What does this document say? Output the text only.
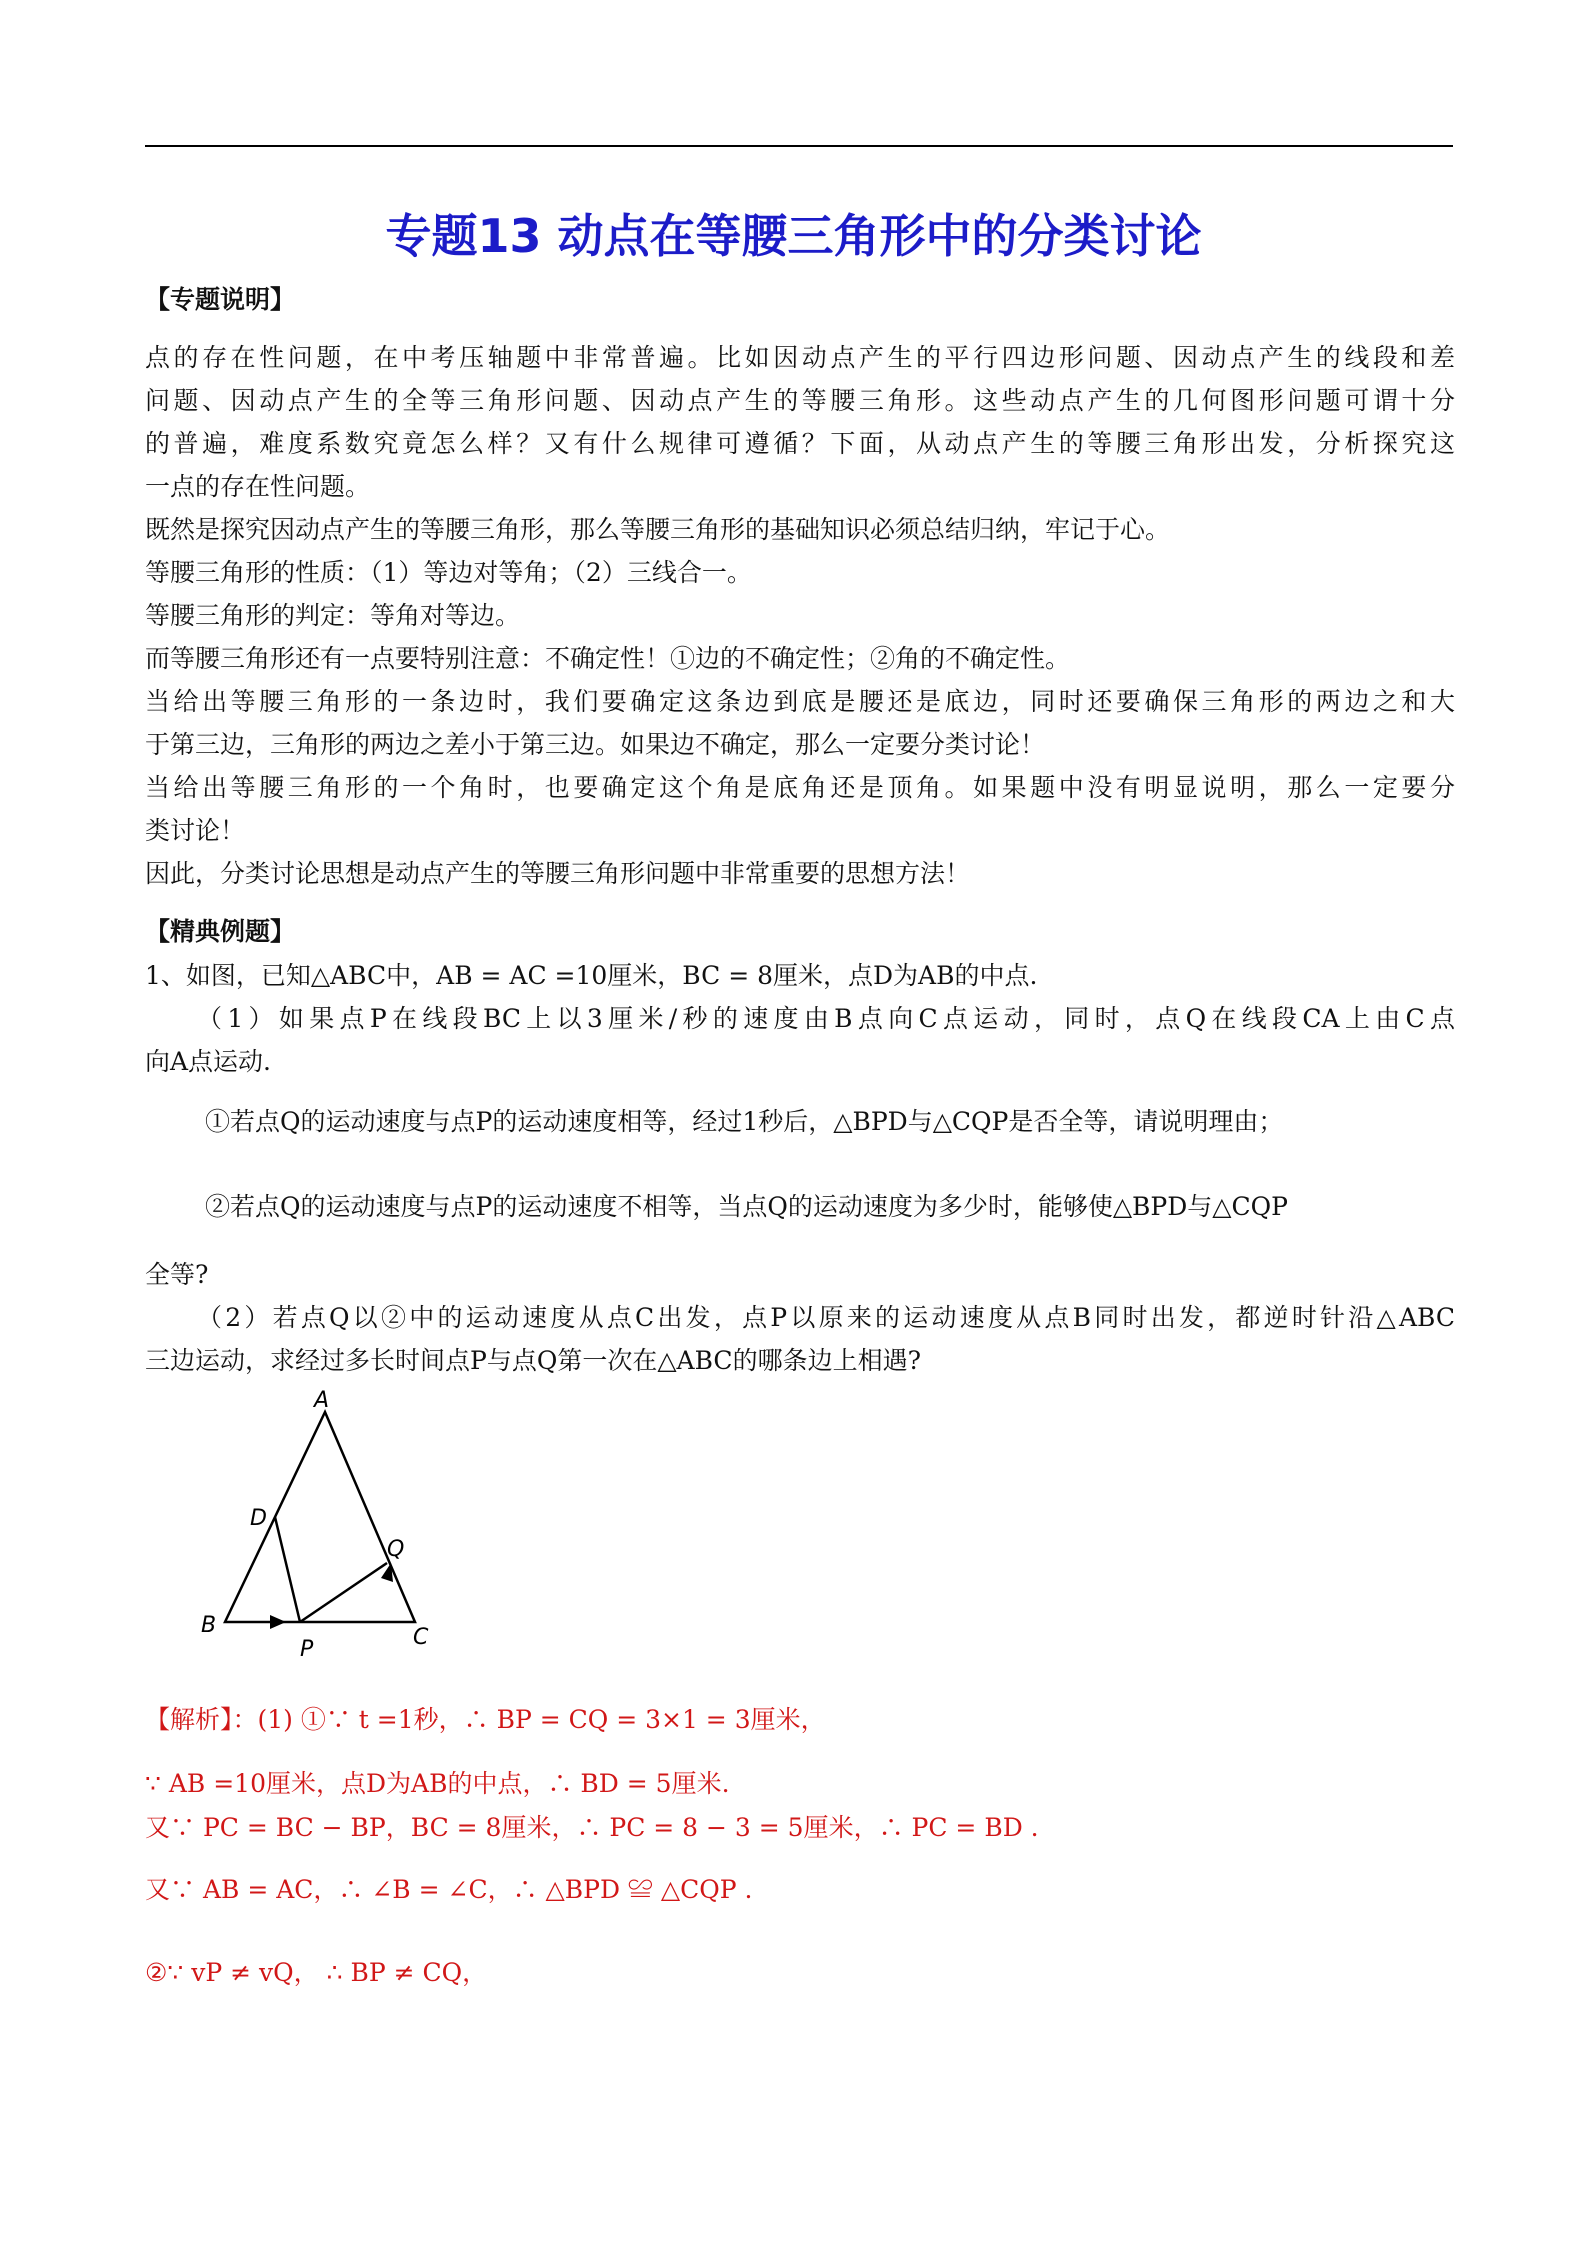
专题13 动点在等腰三角形中的分类讨论
【专题说明】
点的存在性问题，在中考压轴题中非常普遍。比如因动点产生的平行四边形问题、因动点产生的线段和差
问题、因动点产生的全等三角形问题、因动点产生的等腰三角形。这些动点产生的几何图形问题可谓十分
的普遍，难度系数究竟怎么样？又有什么规律可遵循？下面，从动点产生的等腰三角形出发，分析探究这
一点的存在性问题。
既然是探究因动点产生的等腰三角形，那么等腰三角形的基础知识必须总结归纳，牢记于心。
等腰三角形的性质：（1）等边对等角；（2）三线合一。
等腰三角形的判定：等角对等边。
而等腰三角形还有一点要特别注意：不确定性！①边的不确定性；②角的不确定性。
当给出等腰三角形的一条边时，我们要确定这条边到底是腰还是底边，同时还要确保三角形的两边之和大
于第三边，三角形的两边之差小于第三边。如果边不确定，那么一定要分类讨论！
当给出等腰三角形的一个角时，也要确定这个角是底角还是顶角。如果题中没有明显说明，那么一定要分
类讨论！
因此，分类讨论思想是动点产生的等腰三角形问题中非常重要的思想方法！
【精典例题】
1、如图，已知△ABC中，AB = AC =10厘米，BC = 8厘米，点D为AB的中点.
（1）如果点P在线段BC上以3厘米/秒的速度由B点向C点运动，同时，点Q在线段CA上由C点
向A点运动.
①若点Q的运动速度与点P的运动速度相等，经过1秒后，△BPD与△CQP是否全等，请说明理由；
②若点Q的运动速度与点P的运动速度不相等，当点Q的运动速度为多少时，能够使△BPD与△CQP
全等?
（2）若点Q以②中的运动速度从点C出发，点P以原来的运动速度从点B同时出发，都逆时针沿△ABC
三边运动，求经过多长时间点P与点Q第一次在△ABC的哪条边上相遇?
A
D
Q
B
P	C
【解析】：(1) ①∵ t =1秒，∴ BP = CQ = 3×1 = 3厘米，
∵ AB =10厘米，点D为AB的中点，∴ BD = 5厘米.
又∵ PC = BC − BP，BC = 8厘米，∴ PC = 8 − 3 = 5厘米，∴ PC = BD .
又∵ AB = AC，∴ ∠B = ∠C，∴ △BPD ≌ △CQP .
②∵ vP ≠ vQ， ∴ BP ≠ CQ，
